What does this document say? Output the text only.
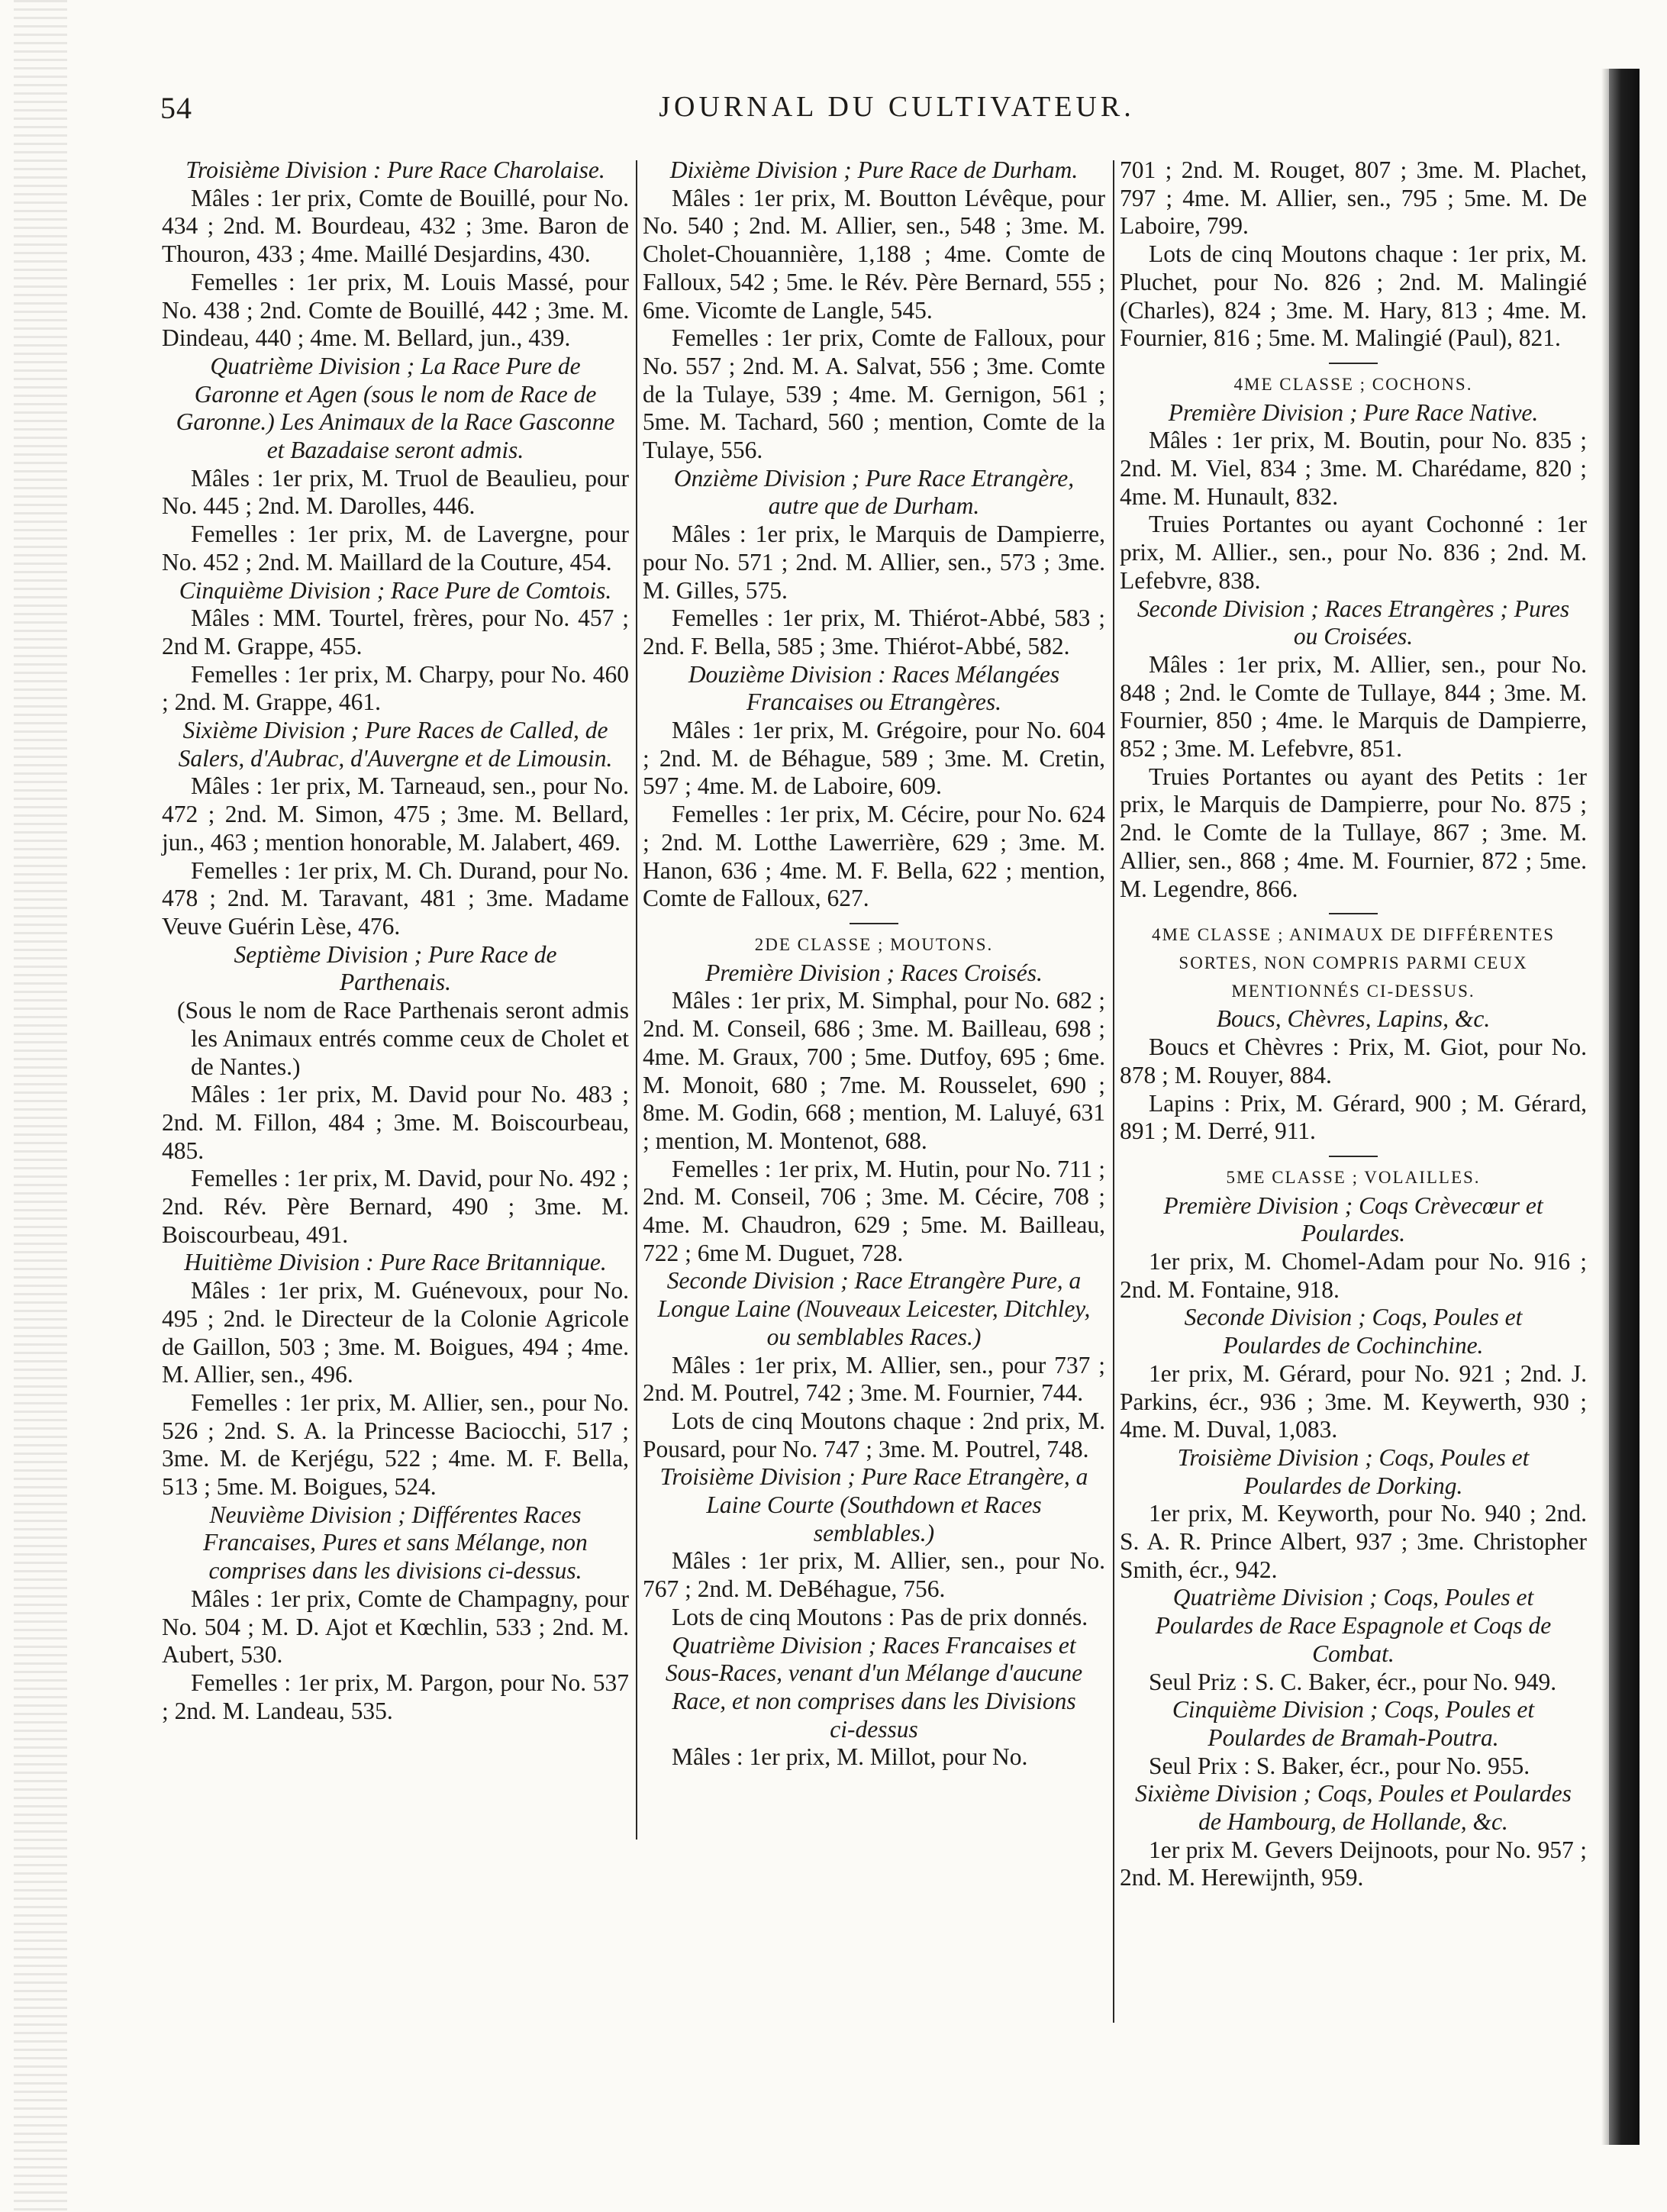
54	JOURNAL DU CULTIVATEUR.

Troisième Division : Pure Race Charolaise.

Mâles : 1er prix, Comte de Bouillé, pour No. 434 ; 2nd. M. Bourdeau, 432 ; 3me. Baron de Thouron, 433 ; 4me. Maillé Desjardins, 430.

Femelles : 1er prix, M. Louis Massé, pour No. 438 ; 2nd. Comte de Bouillé, 442 ; 3me. M. Dindeau, 440 ; 4me. M. Bellard, jun., 439.

Quatrième Division ; La Race Pure de Garonne et Agen (sous le nom de Race de Garonne.) Les Animaux de la Race Gasconne et Bazadaise seront admis.

Mâles : 1er prix, M. Truol de Beaulieu, pour No. 445 ; 2nd. M. Darolles, 446.

Femelles : 1er prix, M. de Lavergne, pour No. 452 ; 2nd. M. Maillard de la Couture, 454.

Cinquième Division ; Race Pure de Comtois.

Mâles : MM. Tourtel, frères, pour No. 457 ; 2nd M. Grappe, 455.

Femelles : 1er prix, M. Charpy, pour No. 460 ; 2nd. M. Grappe, 461.

Sixième Division ; Pure Races de Called, de Salers, d'Aubrac, d'Auvergne et de Limousin.

Mâles : 1er prix, M. Tarneaud, sen., pour No. 472 ; 2nd. M. Simon, 475 ; 3me. M. Bellard, jun., 463 ; mention honorable, M. Jalabert, 469.

Femelles : 1er prix, M. Ch. Durand, pour No. 478 ; 2nd. M. Taravant, 481 ; 3me. Madame Veuve Guérin Lèse, 476.

Septième Division ; Pure Race de Parthenais.

(Sous le nom de Race Parthenais seront admis les Animaux entrés comme ceux de Cholet et de Nantes.)

Mâles : 1er prix, M. David pour No. 483 ; 2nd. M. Fillon, 484 ; 3me. M. Boiscourbeau, 485.

Femelles : 1er prix, M. David, pour No. 492 ; 2nd. Rév. Père Bernard, 490 ; 3me. M. Boiscourbeau, 491.

Huitième Division : Pure Race Britannique.

Mâles : 1er prix, M. Guénevoux, pour No. 495 ; 2nd. le Directeur de la Colonie Agricole de Gaillon, 503 ; 3me. M. Boigues, 494 ; 4me. M. Allier, sen., 496.

Femelles : 1er prix, M. Allier, sen., pour No. 526 ; 2nd. S. A. la Princesse Baciocchi, 517 ; 3me. M. de Kerjégu, 522 ; 4me. M. F. Bella, 513 ; 5me. M. Boigues, 524.

Neuvième Division ; Différentes Races Francaises, Pures et sans Mélange, non comprises dans les divisions ci-dessus.

Mâles : 1er prix, Comte de Champagny, pour No. 504 ; M. D. Ajot et Kœchlin, 533 ; 2nd. M. Aubert, 530.

Femelles : 1er prix, M. Pargon, pour No. 537 ; 2nd. M. Landeau, 535.

Dixième Division ; Pure Race de Durham.

Mâles : 1er prix, M. Boutton Lévêque, pour No. 540 ; 2nd. M. Allier, sen., 548 ; 3me. M. Cholet-Chouannière, 1,188 ; 4me. Comte de Falloux, 542 ; 5me. le Rév. Père Bernard, 555 ; 6me. Vicomte de Langle, 545.

Femelles : 1er prix, Comte de Falloux, pour No. 557 ; 2nd. M. A. Salvat, 556 ; 3me. Comte de la Tulaye, 539 ; 4me. M. Gernigon, 561 ; 5me. M. Tachard, 560 ; mention, Comte de la Tulaye, 556.

Onzième Division ; Pure Race Etrangère, autre que de Durham.

Mâles : 1er prix, le Marquis de Dampierre, pour No. 571 ; 2nd. M. Allier, sen., 573 ; 3me. M. Gilles, 575.

Femelles : 1er prix, M. Thiérot-Abbé, 583 ; 2nd. F. Bella, 585 ; 3me. Thiérot-Abbé, 582.

Douzième Division : Races Mélangées Francaises ou Etrangères.

Mâles : 1er prix, M. Grégoire, pour No. 604 ; 2nd. M. de Béhague, 589 ; 3me. M. Cretin, 597 ; 4me. M. de Laboire, 609.

Femelles : 1er prix, M. Cécire, pour No. 624 ; 2nd. M. Lotthe Lawerrière, 629 ; 3me. M. Hanon, 636 ; 4me. M. F. Bella, 622 ; mention, Comte de Falloux, 627.

2DE CLASSE ; MOUTONS.

Première Division ; Races Croisés.

Mâles : 1er prix, M. Simphal, pour No. 682 ; 2nd. M. Conseil, 686 ; 3me. M. Bailleau, 698 ; 4me. M. Graux, 700 ; 5me. Dutfoy, 695 ; 6me. M. Monoit, 680 ; 7me. M. Rousselet, 690 ; 8me. M. Godin, 668 ; mention, M. Laluyé, 631 ; mention, M. Montenot, 688.

Femelles : 1er prix, M. Hutin, pour No. 711 ; 2nd. M. Conseil, 706 ; 3me. M. Cécire, 708 ; 4me. M. Chaudron, 629 ; 5me. M. Bailleau, 722 ; 6me M. Duguet, 728.

Seconde Division ; Race Etrangère Pure, a Longue Laine (Nouveaux Leicester, Ditchley, ou semblables Races.)

Mâles : 1er prix, M. Allier, sen., pour 737 ; 2nd. M. Poutrel, 742 ; 3me. M. Fournier, 744.

Lots de cinq Moutons chaque : 2nd prix, M. Pousard, pour No. 747 ; 3me. M. Poutrel, 748.

Troisième Division ; Pure Race Etrangère, a Laine Courte (Southdown et Races semblables.)

Mâles : 1er prix, M. Allier, sen., pour No. 767 ; 2nd. M. DeBéhague, 756.

Lots de cinq Moutons : Pas de prix donnés.

Quatrième Division ; Races Francaises et Sous-Races, venant d'un Mélange d'aucune Race, et non comprises dans les Divisions ci-dessus

Mâles : 1er prix, M. Millot, pour No.

701 ; 2nd. M. Rouget, 807 ; 3me. M. Plachet, 797 ; 4me. M. Allier, sen., 795 ; 5me. M. De Laboire, 799.

Lots de cinq Moutons chaque : 1er prix, M. Pluchet, pour No. 826 ; 2nd. M. Malingié (Charles), 824 ; 3me. M. Hary, 813 ; 4me. M. Fournier, 816 ; 5me. M. Malingié (Paul), 821.

4ME CLASSE ; COCHONS.

Première Division ; Pure Race Native.

Mâles : 1er prix, M. Boutin, pour No. 835 ; 2nd. M. Viel, 834 ; 3me. M. Charédame, 820 ; 4me. M. Hunault, 832.

Truies Portantes ou ayant Cochonné : 1er prix, M. Allier., sen., pour No. 836 ; 2nd. M. Lefebvre, 838.

Seconde Division ; Races Etrangères ; Pures ou Croisées.

Mâles : 1er prix, M. Allier, sen., pour No. 848 ; 2nd. le Comte de Tullaye, 844 ; 3me. M. Fournier, 850 ; 4me. le Marquis de Dampierre, 852 ; 3me. M. Lefebvre, 851.

Truies Portantes ou ayant des Petits : 1er prix, le Marquis de Dampierre, pour No. 875 ; 2nd. le Comte de la Tullaye, 867 ; 3me. M. Allier, sen., 868 ; 4me. M. Fournier, 872 ; 5me. M. Legendre, 866.

4ME CLASSE ; ANIMAUX DE DIFFÉRENTES SORTES, NON COMPRIS PARMI CEUX MENTIONNÉS CI-DESSUS.

Boucs, Chèvres, Lapins, &c.

Boucs et Chèvres : Prix, M. Giot, pour No. 878 ; M. Rouyer, 884.

Lapins : Prix, M. Gérard, 900 ; M. Gérard, 891 ; M. Derré, 911.

5ME CLASSE ; VOLAILLES.

Première Division ; Coqs Crèvecœur et Poulardes.

1er prix, M. Chomel-Adam pour No. 916 ; 2nd. M. Fontaine, 918.

Seconde Division ; Coqs, Poules et Poulardes de Cochinchine.

1er prix, M. Gérard, pour No. 921 ; 2nd. J. Parkins, écr., 936 ; 3me. M. Keywerth, 930 ; 4me. M. Duval, 1,083.

Troisième Division ; Coqs, Poules et Poulardes de Dorking.

1er prix, M. Keyworth, pour No. 940 ; 2nd. S. A. R. Prince Albert, 937 ; 3me. Christopher Smith, écr., 942.

Quatrième Division ; Coqs, Poules et Poulardes de Race Espagnole et Coqs de Combat.

Seul Priz : S. C. Baker, écr., pour No. 949.

Cinquième Division ; Coqs, Poules et Poulardes de Bramah-Poutra.

Seul Prix : S. Baker, écr., pour No. 955.

Sixième Division ; Coqs, Poules et Poulardes de Hambourg, de Hollande, &c.

1er prix M. Gevers Deijnoots, pour No. 957 ; 2nd. M. Herewijnth, 959.
